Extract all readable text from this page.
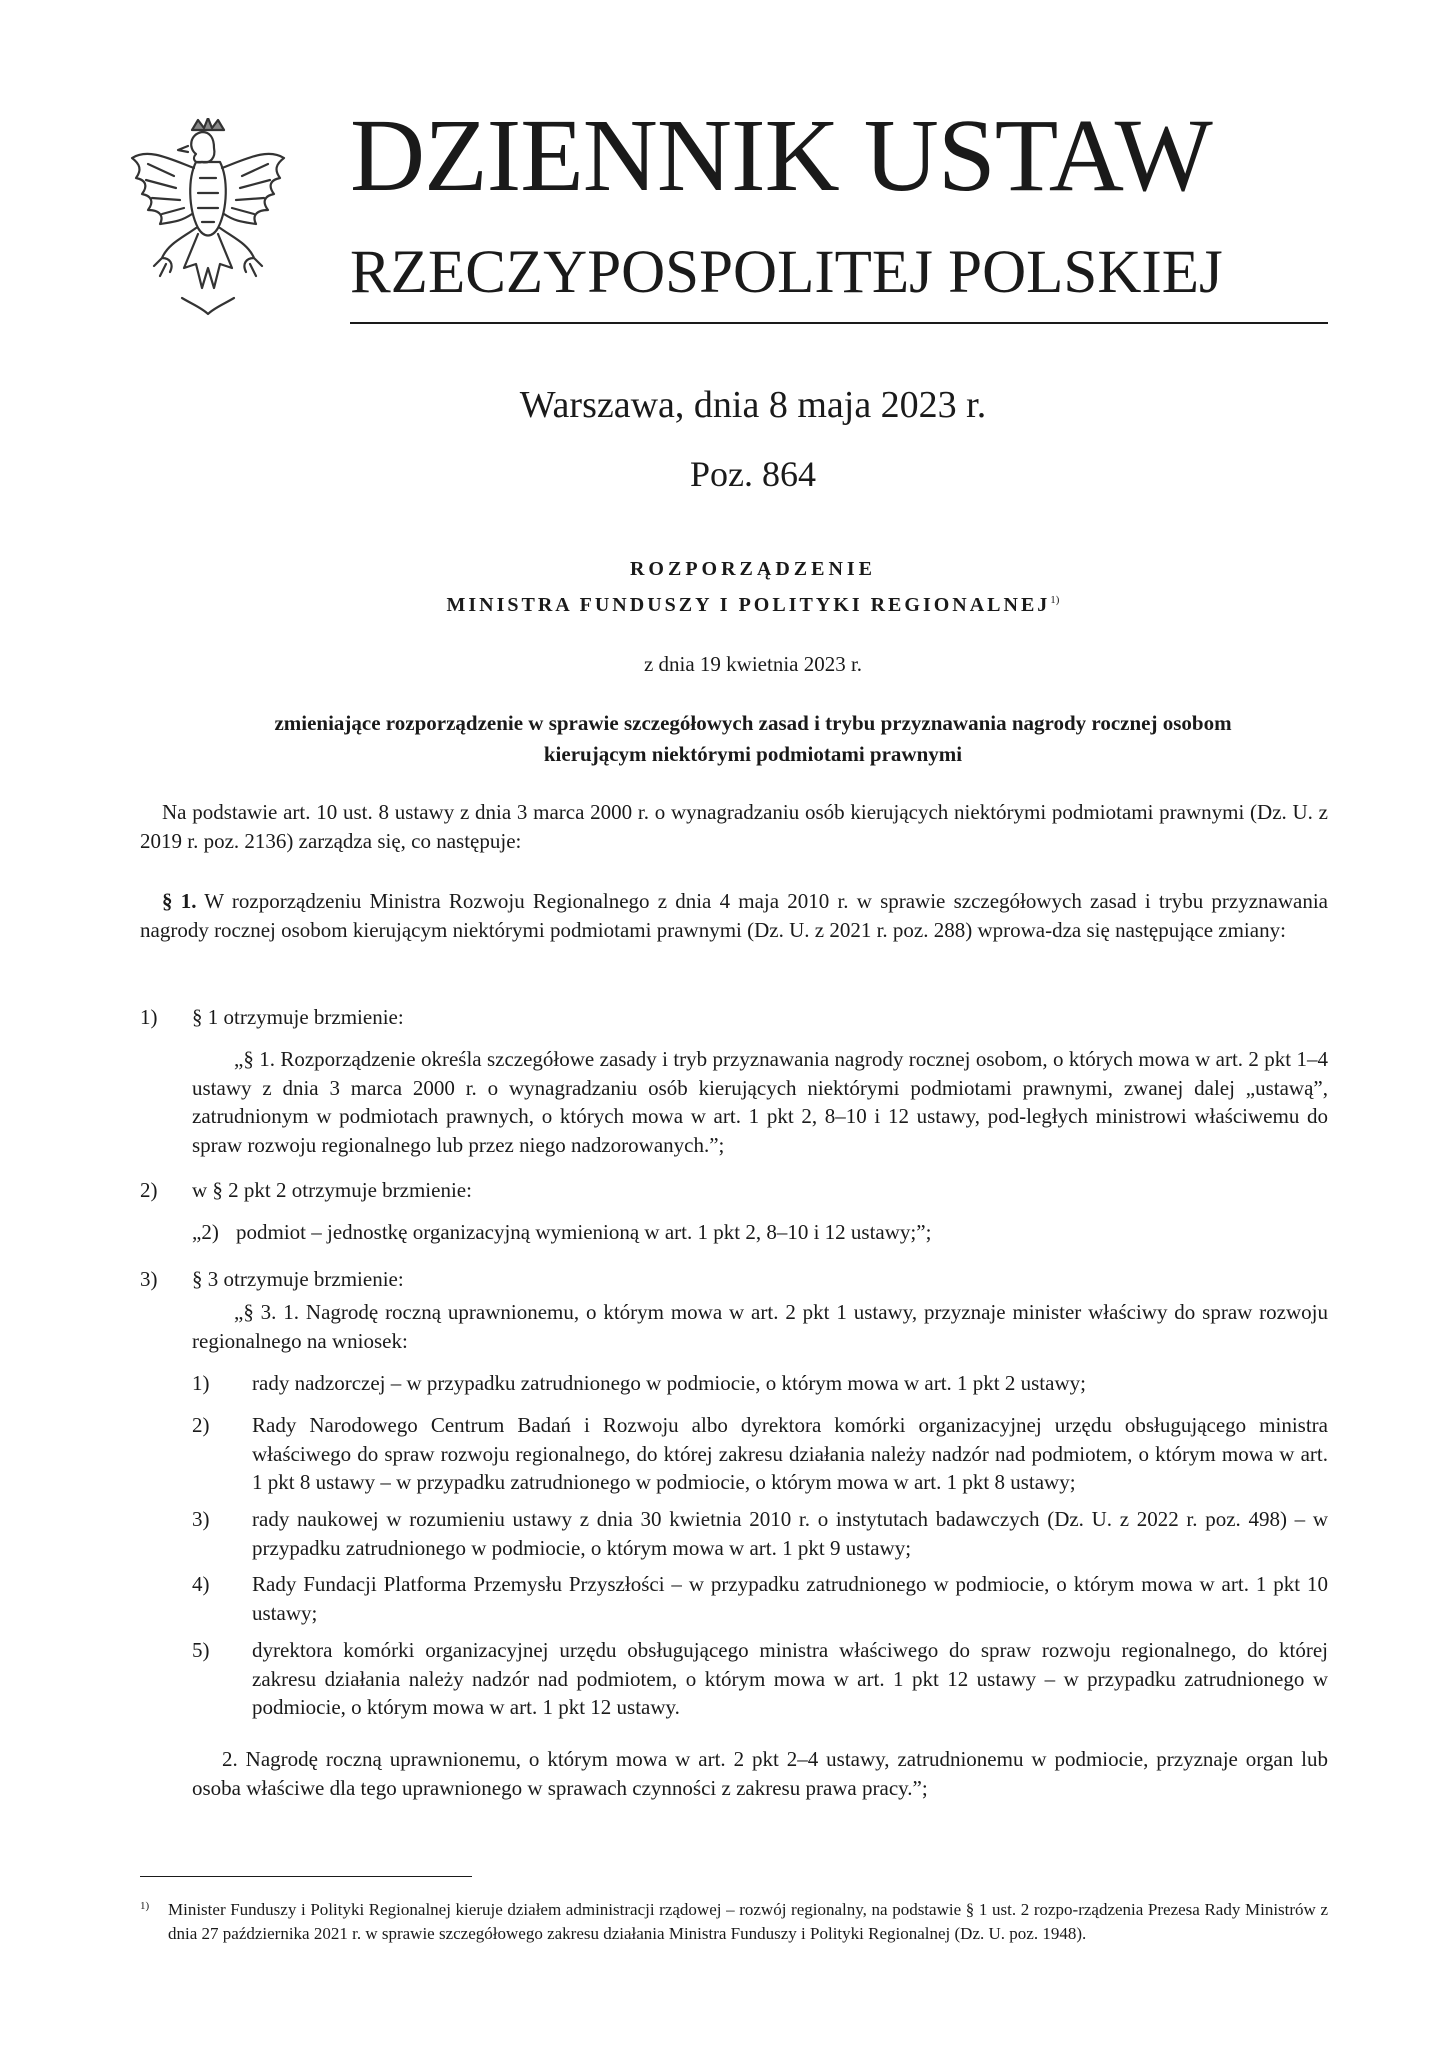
DZIENNIK USTAW
RZECZYPOSPOLITEJ POLSKIEJ
Warszawa, dnia 8 maja 2023 r.
Poz. 864
ROZPORZĄDZENIE
MINISTRA FUNDUSZY I POLITYKI REGIONALNEJ$^{1)}$
z dnia 19 kwietnia 2023 r.
zmieniające rozporządzenie w sprawie szczegółowych zasad i trybu przyznawania nagrody rocznej osobom
kierującym niektórymi podmiotami prawnymi

Na podstawie art. 10 ust. 8 ustawy z dnia 3 marca 2000 r. o wynagradzaniu osób kierujących niektórymi podmiotami prawnymi (Dz. U. z 2019 r. poz. 2136) zarządza się, co następuje:

§ 1. W rozporządzeniu Ministra Rozwoju Regionalnego z dnia 4 maja 2010 r. w sprawie szczegółowych zasad i trybu przyznawania nagrody rocznej osobom kierującym niektórymi podmiotami prawnymi (Dz. U. z 2021 r. poz. 288) wprowa-dza się następujące zmiany:

1) § 1 otrzymuje brzmienie:

„§ 1. Rozporządzenie określa szczegółowe zasady i tryb przyznawania nagrody rocznej osobom, o których mowa w art. 2 pkt 1–4 ustawy z dnia 3 marca 2000 r. o wynagradzaniu osób kierujących niektórymi podmiotami prawnymi, zwanej dalej „ustawą”, zatrudnionym w podmiotach prawnych, o których mowa w art. 1 pkt 2, 8–10 i 12 ustawy, pod-ległych ministrowi właściwemu do spraw rozwoju regionalnego lub przez niego nadzorowanych.”;

2) w § 2 pkt 2 otrzymuje brzmienie:
„2) podmiot – jednostkę organizacyjną wymienioną w art. 1 pkt 2, 8–10 i 12 ustawy;”;
3) § 3 otrzymuje brzmienie:

„§ 3. 1. Nagrodę roczną uprawnionemu, o którym mowa w art. 2 pkt 1 ustawy, przyznaje minister właściwy do spraw rozwoju regionalnego na wniosek:

1) rady nadzorczej – w przypadku zatrudnionego w podmiocie, o którym mowa w art. 1 pkt 2 ustawy;
2) Rady Narodowego Centrum Badań i Rozwoju albo dyrektora komórki organizacyjnej urzędu obsługującego ministra właściwego do spraw rozwoju regionalnego, do której zakresu działania należy nadzór nad podmiotem, o którym mowa w art. 1 pkt 8 ustawy – w przypadku zatrudnionego w podmiocie, o którym mowa w art. 1 pkt 8 ustawy;

3) rady naukowej w rozumieniu ustawy z dnia 30 kwietnia 2010 r. o instytutach badawczych (Dz. U. z 2022 r. poz. 498) – w przypadku zatrudnionego w podmiocie, o którym mowa w art. 1 pkt 9 ustawy;

4) Rady Fundacji Platforma Przemysłu Przyszłości – w przypadku zatrudnionego w podmiocie, o którym mowa w art. 1 pkt 10 ustawy;

5) dyrektora komórki organizacyjnej urzędu obsługującego ministra właściwego do spraw rozwoju regionalnego, do której zakresu działania należy nadzór nad podmiotem, o którym mowa w art. 1 pkt 12 ustawy – w przypadku zatrudnionego w podmiocie, o którym mowa w art. 1 pkt 12 ustawy.

2. Nagrodę roczną uprawnionemu, o którym mowa w art. 2 pkt 2–4 ustawy, zatrudnionemu w podmiocie, przyznaje organ lub osoba właściwe dla tego uprawnionego w sprawach czynności z zakresu prawa pracy.”;

1) Minister Funduszy i Polityki Regionalnej kieruje działem administracji rządowej – rozwój regionalny, na podstawie § 1 ust. 2 rozpo-rządzenia Prezesa Rady Ministrów z dnia 27 października 2021 r. w sprawie szczegółowego zakresu działania Ministra Funduszy i Polityki Regionalnej (Dz. U. poz. 1948).
